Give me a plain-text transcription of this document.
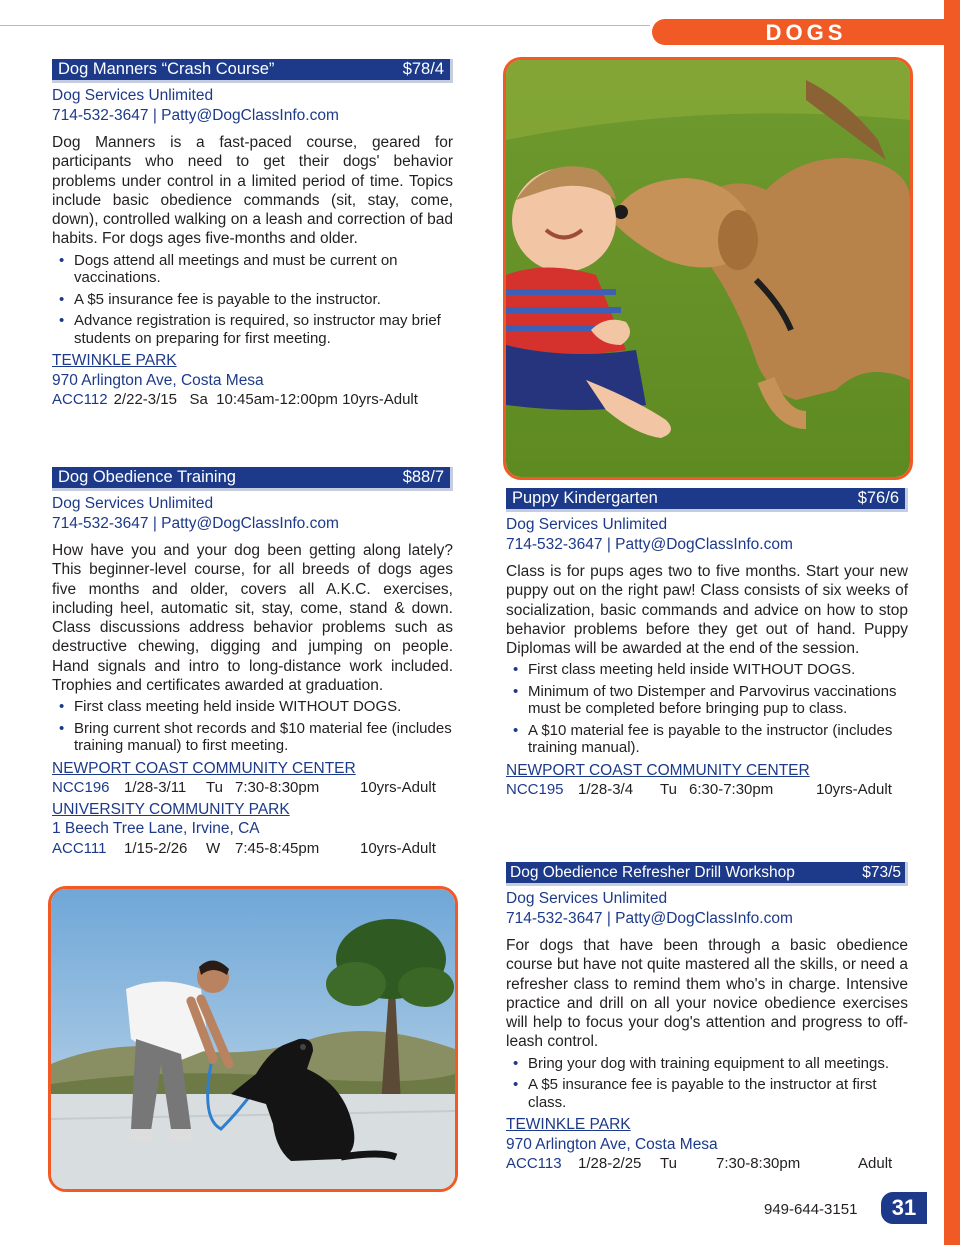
DOGS
Dog Manners “Crash Course”	$78/4
Dog Services Unlimited
714-532-3647 | Patty@DogClassInfo.com
Dog Manners is a fast-paced course, geared for participants who need to get their dogs' behavior problems under control in a limited period of time. Topics include basic obedience commands (sit, stay, come, down), controlled walking on a leash and correction of bad habits. For dogs ages five-months and older.
• Dogs attend all meetings and must be current on vaccinations.
• A $5 insurance fee is payable to the instructor.
• Advance registration is required, so instructor may brief students on preparing for first meeting.
TEWINKLE PARK
970 Arlington Ave, Costa Mesa
ACC112 2/22-3/15   Sa  10:45am-12:00pm 10yrs-Adult
Dog Obedience Training	$88/7
Dog Services Unlimited
714-532-3647 | Patty@DogClassInfo.com
How have you and your dog been getting along lately? This beginner-level course, for all breeds of dogs ages five months and older, covers all A.K.C. exercises, including heel, automatic sit, stay, come, stand & down. Class discussions address behavior problems such as destructive chewing, digging and jumping on people. Hand signals and intro to long-distance work included. Trophies and certificates awarded at graduation.
• First class meeting held inside WITHOUT DOGS.
• Bring current shot records and $10 material fee (includes training manual) to first meeting.
NEWPORT COAST COMMUNITY CENTER
NCC196 1/28-3/11	Tu 7:30-8:30pm	10yrs-Adult
UNIVERSITY COMMUNITY PARK
1 Beech Tree Lane, Irvine, CA
ACC111	1/15-2/26	W 7:45-8:45pm	10yrs-Adult
Puppy Kindergarten	$76/6
Dog Services Unlimited
714-532-3647 | Patty@DogClassInfo.com
Class is for pups ages two to five months. Start your new puppy out on the right paw! Class consists of six weeks of socialization, basic commands and advice on how to stop behavior problems before they get out of hand. Puppy Diplomas will be awarded at the end of the session.
• First class meeting held inside WITHOUT DOGS.
• Minimum of two Distemper and Parvovirus vaccinations must be completed before bringing pup to class.
• A $10 material fee is payable to the instructor (includes training manual).
NEWPORT COAST COMMUNITY CENTER
NCC195 1/28-3/4	Tu 6:30-7:30pm	10yrs-Adult
Dog Obedience Refresher Drill Workshop	$73/5
Dog Services Unlimited
714-532-3647 | Patty@DogClassInfo.com
For dogs that have been through a basic obedience course but have not quite mastered all the skills, or need a refresher class to remind them who's in charge. Intensive practice and drill on all your novice obedience exercises will help to focus your dog's attention and progress to off-leash control.
• Bring your dog with training equipment to all meetings.
• A $5 insurance fee is payable to the instructor at first class.
TEWINKLE PARK
970 Arlington Ave, Costa Mesa
ACC113	1/28-2/25	Tu	7:30-8:30pm	Adult
949-644-3151	31
